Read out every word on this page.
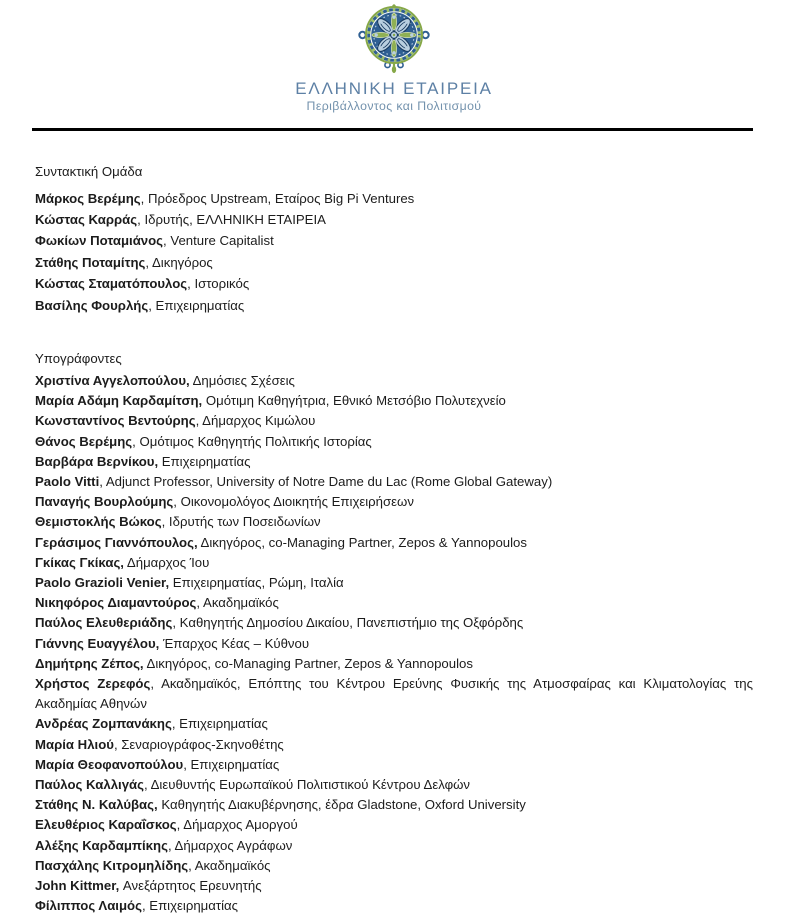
ΕΛΛΗΝΙΚΗ ΕΤΑΙΡΕΙΑ
Περιβάλλοντος και Πολιτισμού

Συντακτική Ομάδα

Μάρκος Βερέμης, Πρόεδρος Upstream, Εταίρος Big Pi Ventures

Κώστας Καρράς, Ιδρυτής, ΕΛΛΗΝΙΚΗ ΕΤΑΙΡΕΙΑ

Φωκίων Ποταμιάνος, Venture Capitalist

Στάθης Ποταμίτης, Δικηγόρος

Κώστας Σταματόπουλος, Ιστορικός

Βασίλης Φουρλής, Επιχειρηματίας

Υπογράφοντες

Χριστίνα Αγγελοπούλου, Δημόσιες Σχέσεις

Μαρία Αδάμη Καρδαμίτση, Ομότιμη Καθηγήτρια, Εθνικό Μετσόβιο Πολυτεχνείο

Κωνσταντίνος Βεντούρης, Δήμαρχος Κιμώλου

Θάνος Βερέμης, Ομότιμος Καθηγητής Πολιτικής Ιστορίας

Βαρβάρα Βερνίκου, Επιχειρηματίας

Paolo Vitti, Adjunct Professor, University of Notre Dame du Lac (Rome Global Gateway)

Παναγής Βουρλούμης, Οικονομολόγος Διοικητής Επιχειρήσεων

Θεμιστοκλής Βώκος, Ιδρυτής των Ποσειδωνίων

Γεράσιμος Γιαννόπουλος, Δικηγόρος, co-Managing Partner, Zepos & Yannopoulos

Γκίκας Γκίκας, Δήμαρχος Ίου

Paolo Grazioli Venier, Επιχειρηματίας, Ρώμη, Ιταλία

Νικηφόρος Διαμαντούρος, Ακαδημαϊκός

Παύλος Ελευθεριάδης, Καθηγητής Δημοσίου Δικαίου, Πανεπιστήμιο της Οξφόρδης

Γιάννης Ευαγγέλου, Έπαρχος Κέας – Κύθνου

Δημήτρης Ζέπος, Δικηγόρος, co-Managing Partner, Zepos & Yannopoulos

Χρήστος Ζερεφός, Ακαδημαϊκός, Επόπτης του Κέντρου Ερεύνης Φυσικής της Ατμοσφαίρας και Κλιματολογίας της Ακαδημίας Αθηνών

Ανδρέας Ζομπανάκης, Επιχειρηματίας

Μαρία Ηλιού, Σεναριογράφος-Σκηνοθέτης

Μαρία Θεοφανοπούλου, Επιχειρηματίας

Παύλος Καλλιγάς, Διευθυντής Ευρωπαϊκού Πολιτιστικού Κέντρου Δελφών

Στάθης Ν. Καλύβας, Καθηγητής Διακυβέρνησης, έδρα Gladstone, Oxford University

Ελευθέριος Καραΐσκος, Δήμαρχος Αμοργού

Αλέξης Καρδαμπίκης, Δήμαρχος Αγράφων

Πασχάλης Κιτρομηλίδης, Ακαδημαϊκός

John Kittmer, Ανεξάρτητος Ερευνητής

Φίλιππος Λαιμός, Επιχειρηματίας
